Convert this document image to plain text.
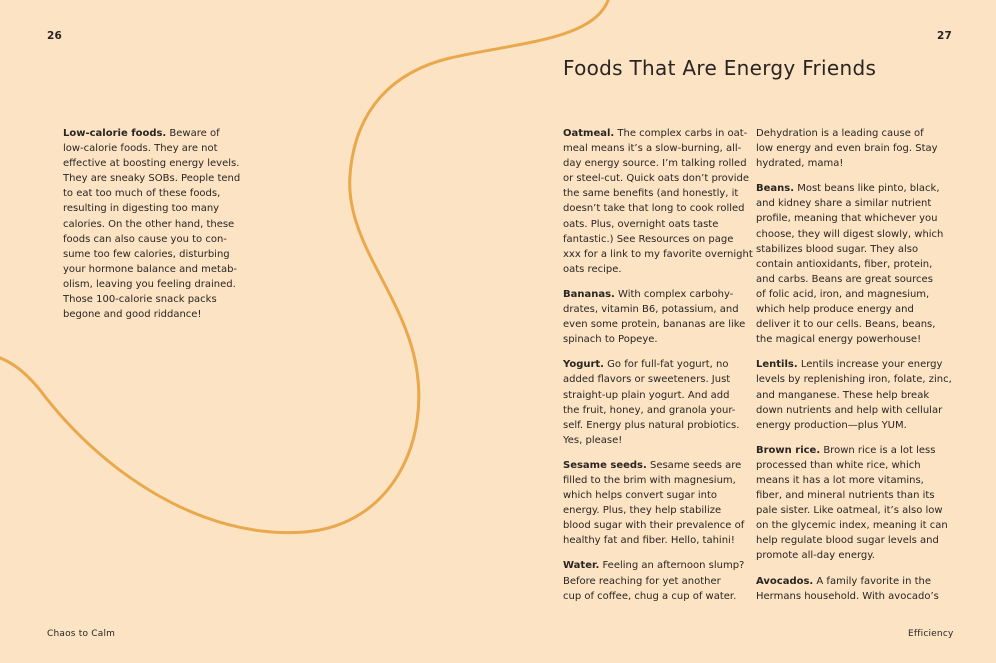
26	27
Foods That Are Energy Friends

Low-calorie foods. Beware of
low-calorie foods. They are not
effective at boosting energy levels.
They are sneaky SOBs. People tend
to eat too much of these foods,
resulting in digesting too many
calories. On the other hand, these
foods can also cause you to con-
sume too few calories, disturbing
your hormone balance and metab-
olism, leaving you feeling drained.
Those 100-calorie snack packs
begone and good riddance!

Oatmeal. The complex carbs in oat-
meal means it’s a slow-burning, all-
day energy source. I’m talking rolled
or steel-cut. Quick oats don’t provide
the same benefits (and honestly, it
doesn’t take that long to cook rolled
oats. Plus, overnight oats taste
fantastic.) See Resources on page
xxx for a link to my favorite overnight
oats recipe.

Bananas. With complex carbohy-
drates, vitamin B6, potassium, and
even some protein, bananas are like
spinach to Popeye.

Yogurt. Go for full-fat yogurt, no
added flavors or sweeteners. Just
straight-up plain yogurt. And add
the fruit, honey, and granola your-
self. Energy plus natural probiotics.
Yes, please!

Sesame seeds. Sesame seeds are
filled to the brim with magnesium,
which helps convert sugar into
energy. Plus, they help stabilize
blood sugar with their prevalence of
healthy fat and fiber. Hello, tahini!

Water. Feeling an afternoon slump?
Before reaching for yet another
cup of coffee, chug a cup of water.

Dehydration is a leading cause of
low energy and even brain fog. Stay
hydrated, mama!

Beans. Most beans like pinto, black,
and kidney share a similar nutrient
profile, meaning that whichever you
choose, they will digest slowly, which
stabilizes blood sugar. They also
contain antioxidants, fiber, protein,
and carbs. Beans are great sources
of folic acid, iron, and magnesium,
which help produce energy and
deliver it to our cells. Beans, beans,
the magical energy powerhouse!

Lentils. Lentils increase your energy
levels by replenishing iron, folate, zinc,
and manganese. These help break
down nutrients and help with cellular
energy production—plus YUM.

Brown rice. Brown rice is a lot less
processed than white rice, which
means it has a lot more vitamins,
fiber, and mineral nutrients than its
pale sister. Like oatmeal, it’s also low
on the glycemic index, meaning it can
help regulate blood sugar levels and
promote all-day energy.

Avocados. A family favorite in the
Hermans household. With avocado’s

Chaos to Calm	Efficiency
